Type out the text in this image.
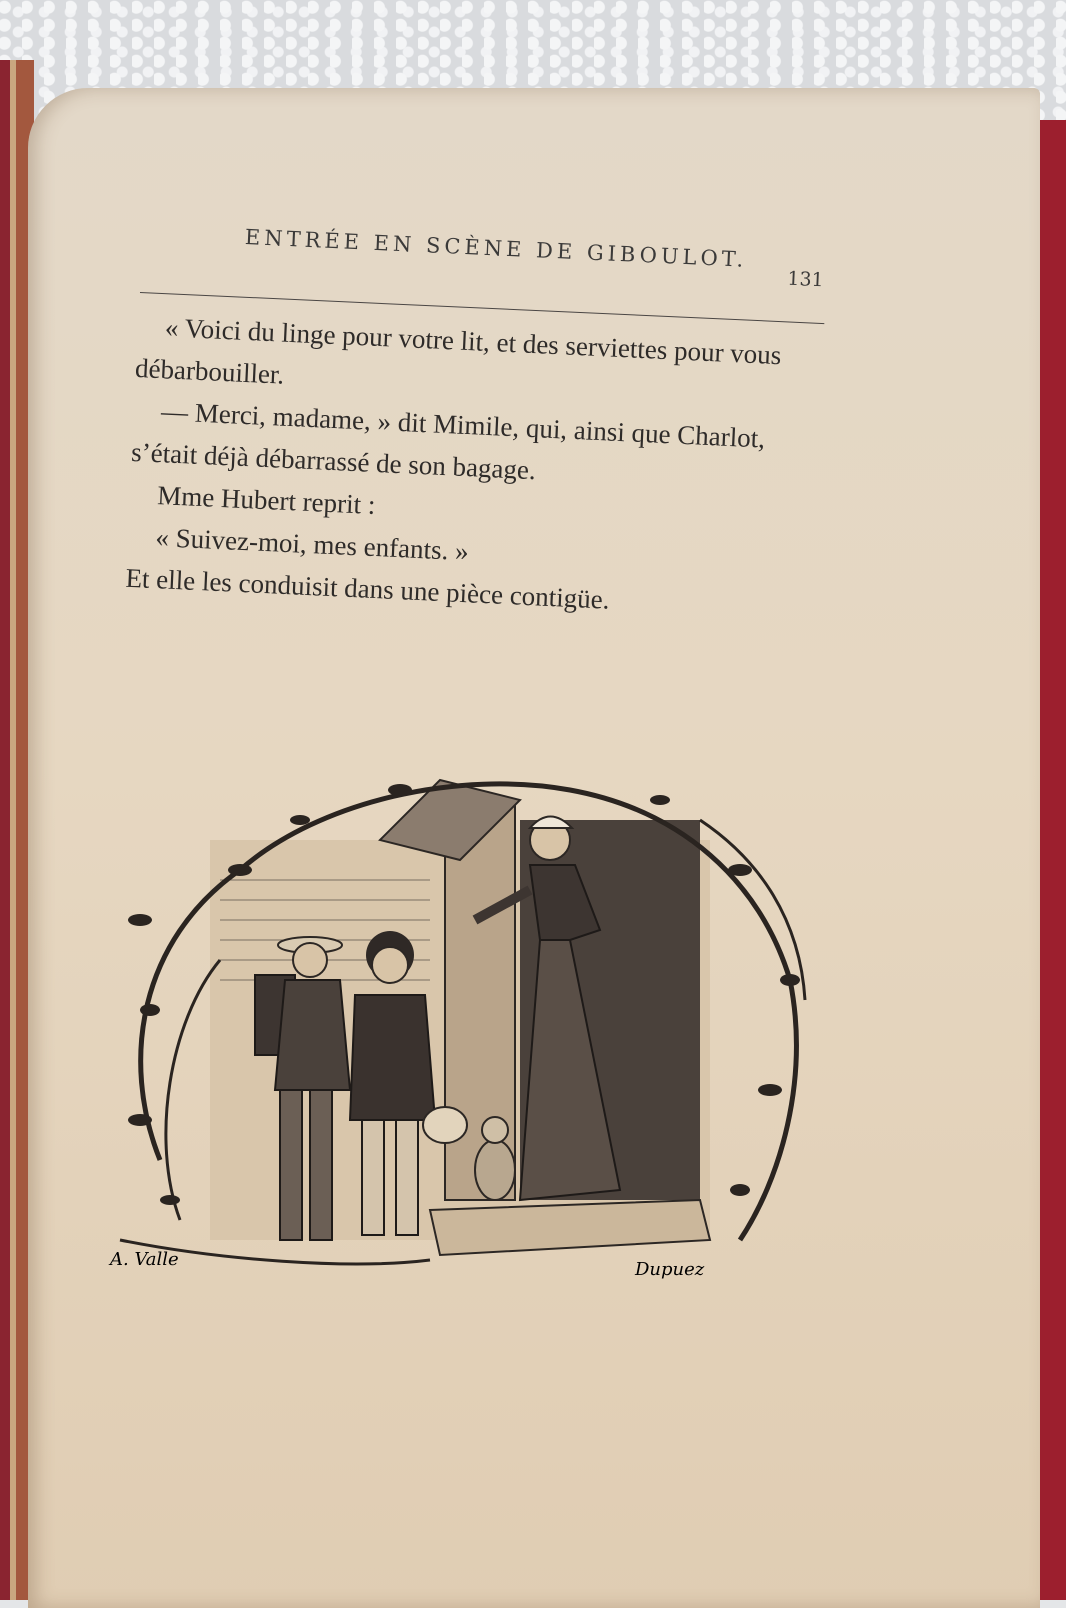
ENTRÉE EN SCÈNE DE GIBOULOT.
131

« Voici du linge pour votre lit, et des serviettes pour vous débarbouiller.

— Merci, madame, » dit Mimile, qui, ainsi que Charlot, s’était déjà débarrassé de son bagage.

Mme Hubert reprit :

« Suivez-moi, mes enfants. »

Et elle les conduisit dans une pièce contigüe.

A. Valle	Dupuez
